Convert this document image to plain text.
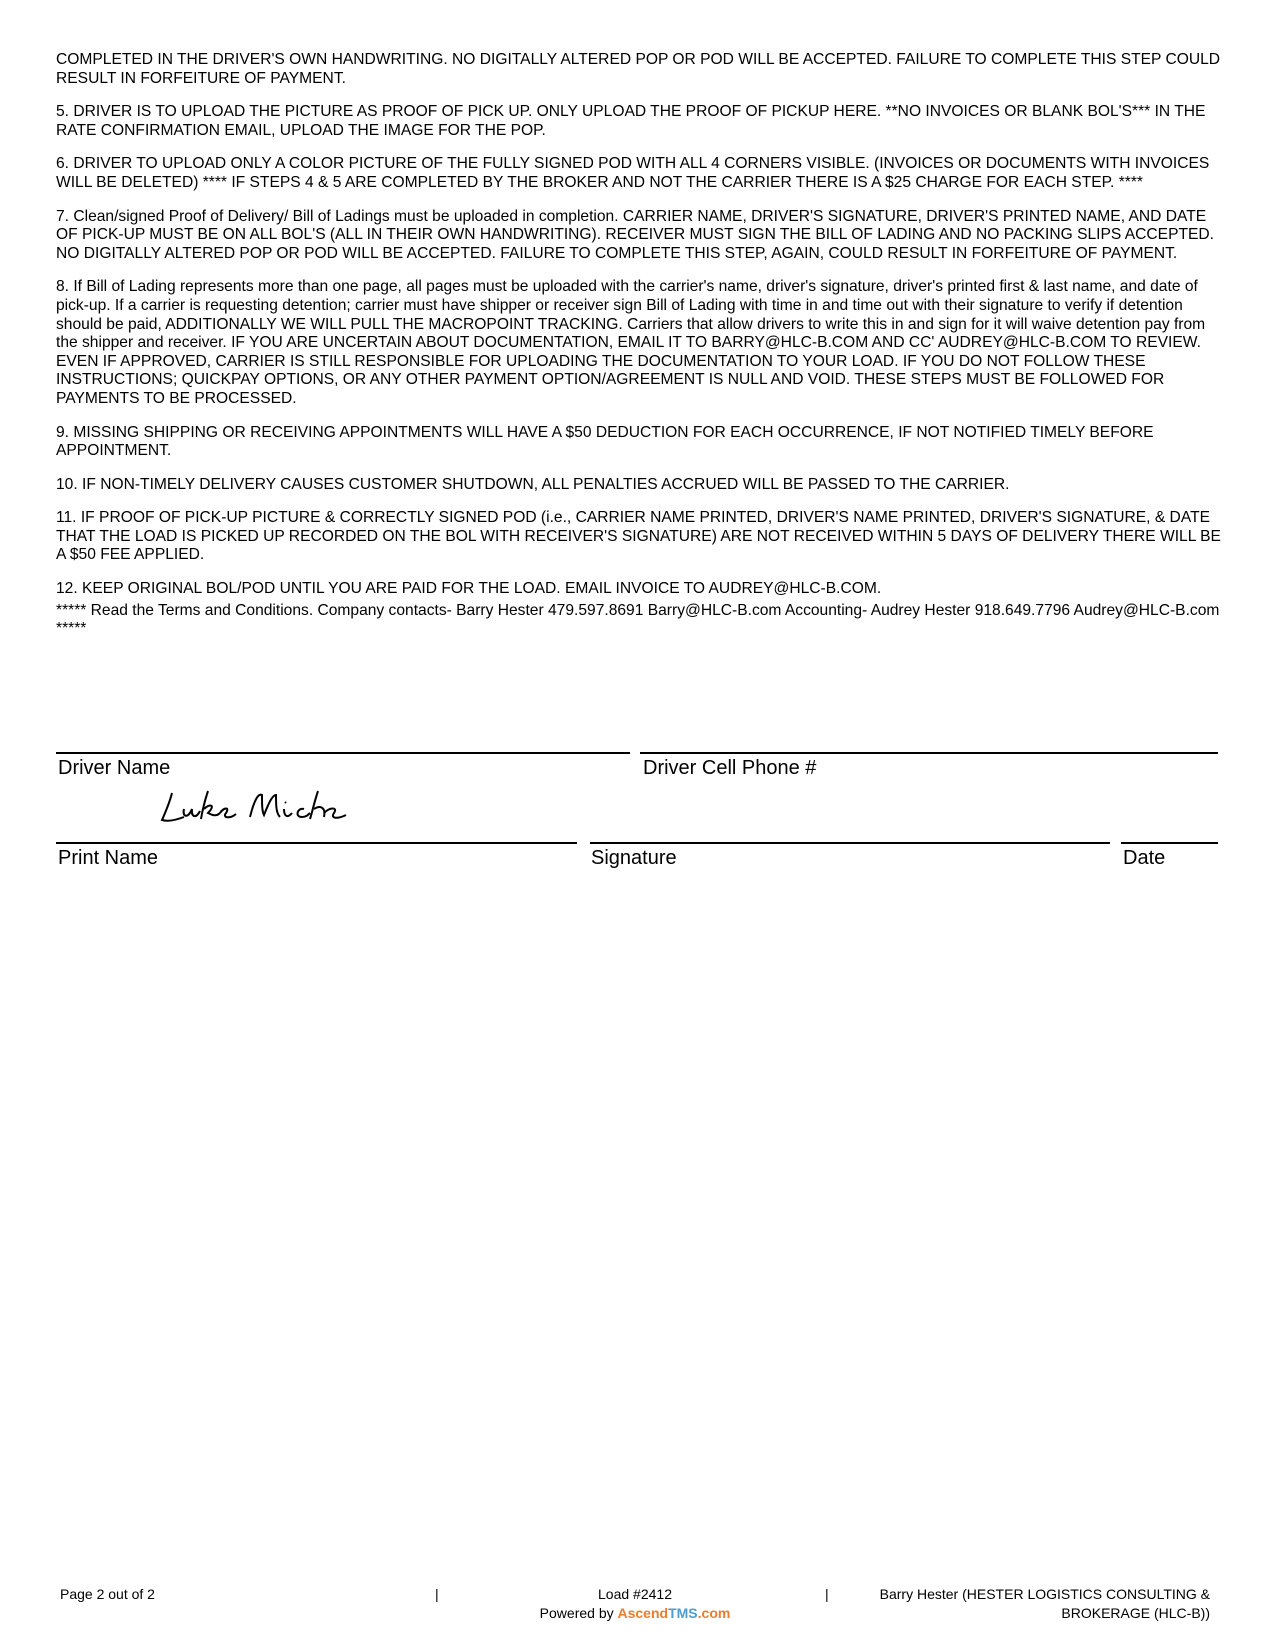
COMPLETED IN THE DRIVER'S OWN HANDWRITING. NO DIGITALLY ALTERED POP OR POD WILL BE ACCEPTED. FAILURE TO COMPLETE THIS STEP COULD RESULT IN FORFEITURE OF PAYMENT.

5. DRIVER IS TO UPLOAD THE PICTURE AS PROOF OF PICK UP. ONLY UPLOAD THE PROOF OF PICKUP HERE. **NO INVOICES OR BLANK BOL'S*** IN THE RATE CONFIRMATION EMAIL, UPLOAD THE IMAGE FOR THE POP.

6. DRIVER TO UPLOAD ONLY A COLOR PICTURE OF THE FULLY SIGNED POD WITH ALL 4 CORNERS VISIBLE. (INVOICES OR DOCUMENTS WITH INVOICES WILL BE DELETED) **** IF STEPS 4 & 5 ARE COMPLETED BY THE BROKER AND NOT THE CARRIER THERE IS A $25 CHARGE FOR EACH STEP. ****

7. Clean/signed Proof of Delivery/ Bill of Ladings must be uploaded in completion. CARRIER NAME, DRIVER'S SIGNATURE, DRIVER'S PRINTED NAME, AND DATE OF PICK-UP MUST BE ON ALL BOL'S (ALL IN THEIR OWN HANDWRITING). RECEIVER MUST SIGN THE BILL OF LADING AND NO PACKING SLIPS ACCEPTED. NO DIGITALLY ALTERED POP OR POD WILL BE ACCEPTED. FAILURE TO COMPLETE THIS STEP, AGAIN, COULD RESULT IN FORFEITURE OF PAYMENT.

8. If Bill of Lading represents more than one page, all pages must be uploaded with the carrier's name, driver's signature, driver's printed first & last name, and date of pick-up. If a carrier is requesting detention; carrier must have shipper or receiver sign Bill of Lading with time in and time out with their signature to verify if detention should be paid, ADDITIONALLY WE WILL PULL THE MACROPOINT TRACKING. Carriers that allow drivers to write this in and sign for it will waive detention pay from the shipper and receiver. IF YOU ARE UNCERTAIN ABOUT DOCUMENTATION, EMAIL IT TO BARRY@HLC-B.COM AND CC' AUDREY@HLC-B.COM TO REVIEW. EVEN IF APPROVED, CARRIER IS STILL RESPONSIBLE FOR UPLOADING THE DOCUMENTATION TO YOUR LOAD. IF YOU DO NOT FOLLOW THESE INSTRUCTIONS; QUICKPAY OPTIONS, OR ANY OTHER PAYMENT OPTION/AGREEMENT IS NULL AND VOID. THESE STEPS MUST BE FOLLOWED FOR PAYMENTS TO BE PROCESSED.

9. MISSING SHIPPING OR RECEIVING APPOINTMENTS WILL HAVE A $50 DEDUCTION FOR EACH OCCURRENCE, IF NOT NOTIFIED TIMELY BEFORE APPOINTMENT.

10. IF NON-TIMELY DELIVERY CAUSES CUSTOMER SHUTDOWN, ALL PENALTIES ACCRUED WILL BE PASSED TO THE CARRIER.

11. IF PROOF OF PICK-UP PICTURE & CORRECTLY SIGNED POD (i.e., CARRIER NAME PRINTED, DRIVER'S NAME PRINTED, DRIVER'S SIGNATURE, & DATE THAT THE LOAD IS PICKED UP RECORDED ON THE BOL WITH RECEIVER'S SIGNATURE) ARE NOT RECEIVED WITHIN 5 DAYS OF DELIVERY THERE WILL BE A $50 FEE APPLIED.

12. KEEP ORIGINAL BOL/POD UNTIL YOU ARE PAID FOR THE LOAD. EMAIL INVOICE TO AUDREY@HLC-B.COM.

***** Read the Terms and Conditions. Company contacts- Barry Hester 479.597.8691 Barry@HLC-B.com Accounting- Audrey Hester 918.649.7796 Audrey@HLC-B.com *****

Driver Name	Driver Cell Phone #
Print Name	Signature	Date
Page 2 out of 2	|	Load #2412
Powered by AscendTMS.com
|	Barry Hester (HESTER LOGISTICS CONSULTING & BROKERAGE (HLC-B))
